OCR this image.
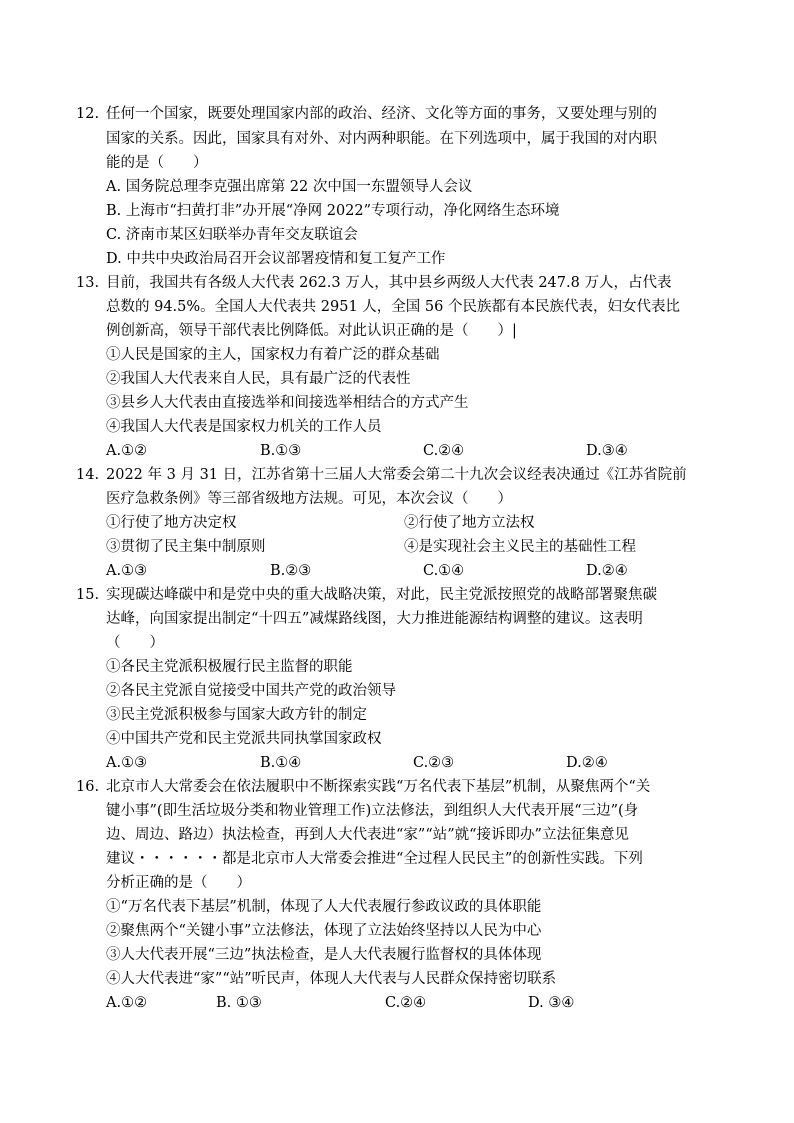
12. 任何一个国家，既要处理国家内部的政治、经济、文化等方面的事务，又要处理与别的
国家的关系。因此，国家具有对外、对内两种职能。在下列选项中，属于我国的对内职
能的是（　　）
A. 国务院总理李克强出席第 22 次中国一东盟领导人会议
B. 上海市“扫黄打非”办开展“净网 2022”专项行动，净化网络生态环境
C. 济南市某区妇联举办青年交友联谊会
D. 中共中央政治局召开会议部署疫情和复工复产工作
13. 目前，我国共有各级人大代表 262.3 万人，其中县乡两级人大代表 247.8 万人，占代表
总数的 94.5%。全国人大代表共 2951 人，全国 56 个民族都有本民族代表，妇女代表比
例创新高，领导干部代表比例降低。对此认识正确的是（　　）|
①人民是国家的主人，国家权力有着广泛的群众基础
②我国人大代表来自人民，具有最广泛的代表性
③县乡人大代表由直接选举和间接选举相结合的方式产生
④我国人大代表是国家权力机关的工作人员
A.①②	B.①③	C.②④	D.③④
14. 2022 年 3 月 31 日，江苏省第十三届人大常委会第二十九次会议经表决通过《江苏省院前
医疗急救条例》等三部省级地方法规。可见，本次会议（　　）
①行使了地方决定权	②行使了地方立法权
③贯彻了民主集中制原则	④是实现社会主义民主的基础性工程
A.①③	B.②③	C.①④	D.②④
15. 实现碳达峰碳中和是党中央的重大战略决策，对此，民主党派按照党的战略部署聚焦碳
达峰，向国家提出制定“十四五”减煤路线图，大力推进能源结构调整的建议。这表明
（　　）
①各民主党派积极履行民主监督的职能
②各民主党派自觉接受中国共产党的政治领导
③民主党派积极参与国家大政方针的制定
④中国共产党和民主党派共同执掌国家政权
A.①③	B.①④	C.②③	D.②④
16. 北京市人大常委会在依法履职中不断探索实践“万名代表下基层”机制，从聚焦两个“关
键小事”(即生活垃圾分类和物业管理工作)立法修法，到组织人大代表开展“三边”(身
边、周边、路边）执法检查，再到人大代表进“家”“站”就“接诉即办”立法征集意见
建议・・・・・・都是北京市人大常委会推进“全过程人民民主”的创新性实践。下列
分析正确的是（　　）
①“万名代表下基层”机制，体现了人大代表履行参政议政的具体职能
②聚焦两个“关键小事”立法修法，体现了立法始终坚持以人民为中心
③人大代表开展“三边”执法检查，是人大代表履行监督权的具体体现
④人大代表进“家”“站”听民声，体现人大代表与人民群众保持密切联系
A.①②	B. ①③	C.②④	D. ③④
